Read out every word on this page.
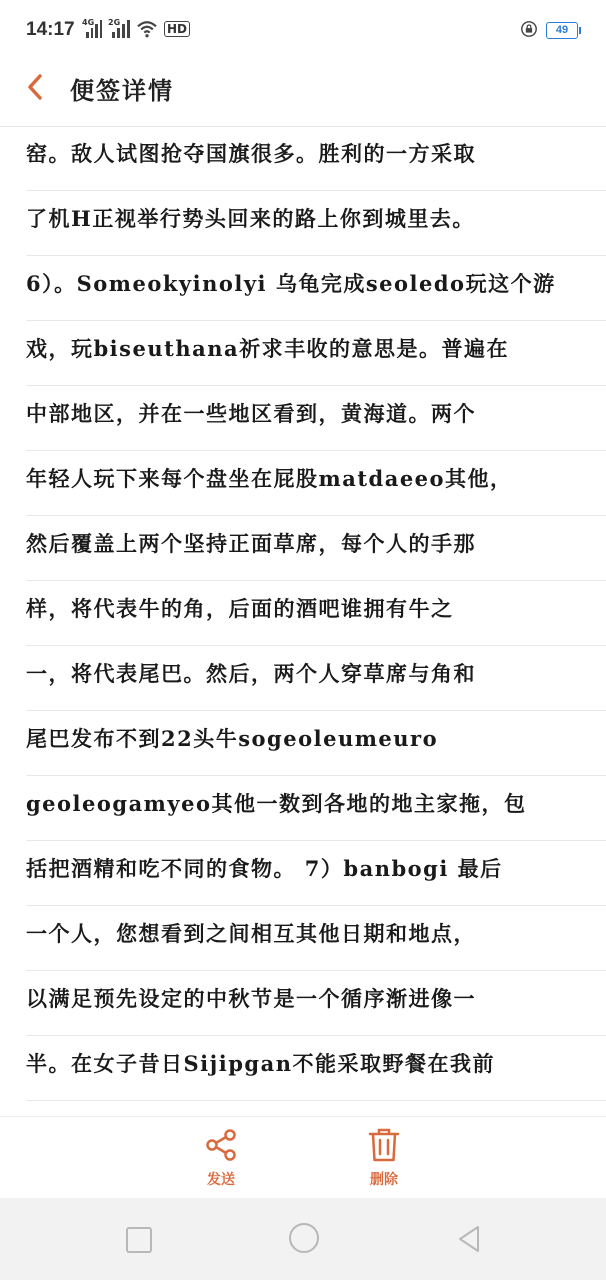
14:17 4G 2G	HD	49
便签详情
窑。敌人试图抢夺国旗很多。胜利的一方采取
了机H正视举行势头回来的路上你到城里去。
6）。Someokyinolyi 乌龟完成seoledo玩这个游
戏，玩biseuthana祈求丰收的意思是。普遍在
中部地区，并在一些地区看到，黄海道。两个
年轻人玩下来每个盘坐在屁股matdaeeo其他，
然后覆盖上两个坚持正面草席，每个人的手那
样，将代表牛的角，后面的酒吧谁拥有牛之
一，将代表尾巴。然后，两个人穿草席与角和
尾巴发布不到22头牛sogeoleumeuro
geoleogamyeo其他一数到各地的地主家拖，包
括把酒精和吃不同的食物。 7）banbogi 最后
一个人，您想看到之间相互其他日期和地点，
以满足预先设定的中秋节是一个循序渐进像一
半。在女子昔日Sijipgan不能采取野餐在我前
发送	删除
